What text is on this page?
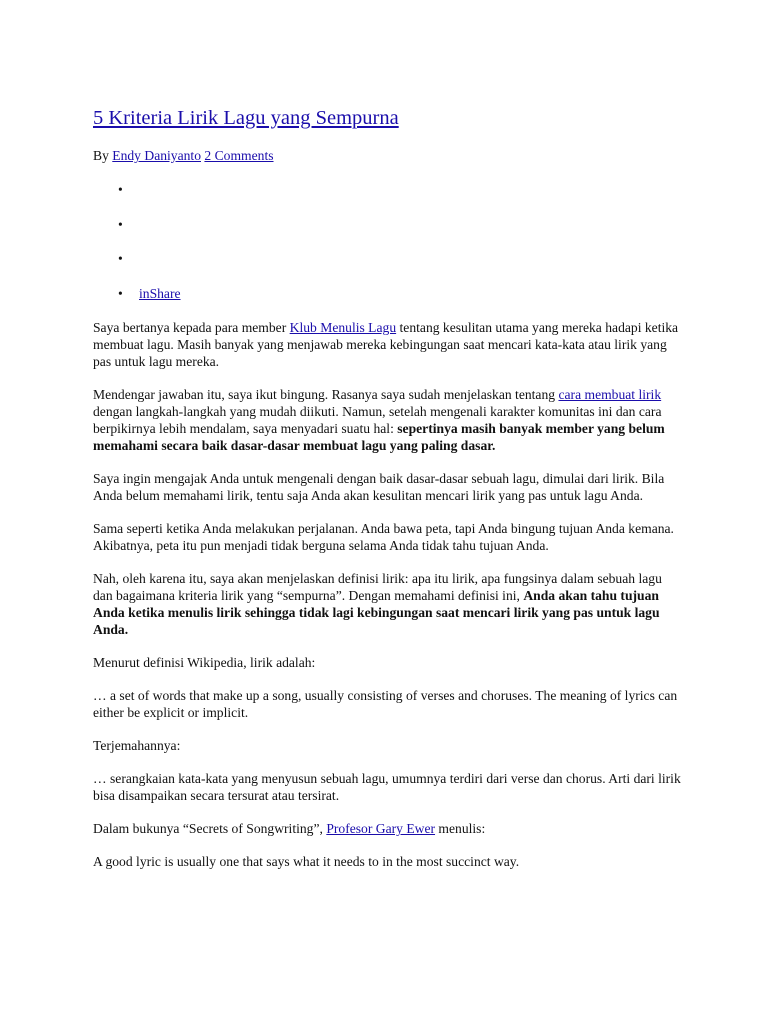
5 Kriteria Lirik Lagu yang Sempurna
By Endy Daniyanto 2 Comments
•
•
•
• inShare

Saya bertanya kepada para member Klub Menulis Lagu tentang kesulitan utama yang mereka hadapi ketika membuat lagu. Masih banyak yang menjawab mereka kebingungan saat mencari kata-kata atau lirik yang pas untuk lagu mereka.

Mendengar jawaban itu, saya ikut bingung. Rasanya saya sudah menjelaskan tentang cara membuat lirik dengan langkah-langkah yang mudah diikuti. Namun, setelah mengenali karakter komunitas ini dan cara berpikirnya lebih mendalam, saya menyadari suatu hal: sepertinya masih banyak member yang belum memahami secara baik dasar-dasar membuat lagu yang paling dasar.

Saya ingin mengajak Anda untuk mengenali dengan baik dasar-dasar sebuah lagu, dimulai dari lirik. Bila Anda belum memahami lirik, tentu saja Anda akan kesulitan mencari lirik yang pas untuk lagu Anda.

Sama seperti ketika Anda melakukan perjalanan. Anda bawa peta, tapi Anda bingung tujuan Anda kemana. Akibatnya, peta itu pun menjadi tidak berguna selama Anda tidak tahu tujuan Anda.

Nah, oleh karena itu, saya akan menjelaskan definisi lirik: apa itu lirik, apa fungsinya dalam sebuah lagu dan bagaimana kriteria lirik yang “sempurna”. Dengan memahami definisi ini, Anda akan tahu tujuan Anda ketika menulis lirik sehingga tidak lagi kebingungan saat mencari lirik yang pas untuk lagu Anda.

Menurut definisi Wikipedia, lirik adalah:

… a set of words that make up a song, usually consisting of verses and choruses. The meaning of lyrics can either be explicit or implicit.

Terjemahannya:

… serangkaian kata-kata yang menyusun sebuah lagu, umumnya terdiri dari verse dan chorus. Arti dari lirik bisa disampaikan secara tersurat atau tersirat.

Dalam bukunya “Secrets of Songwriting”, Profesor Gary Ewer menulis:

A good lyric is usually one that says what it needs to in the most succinct way.
